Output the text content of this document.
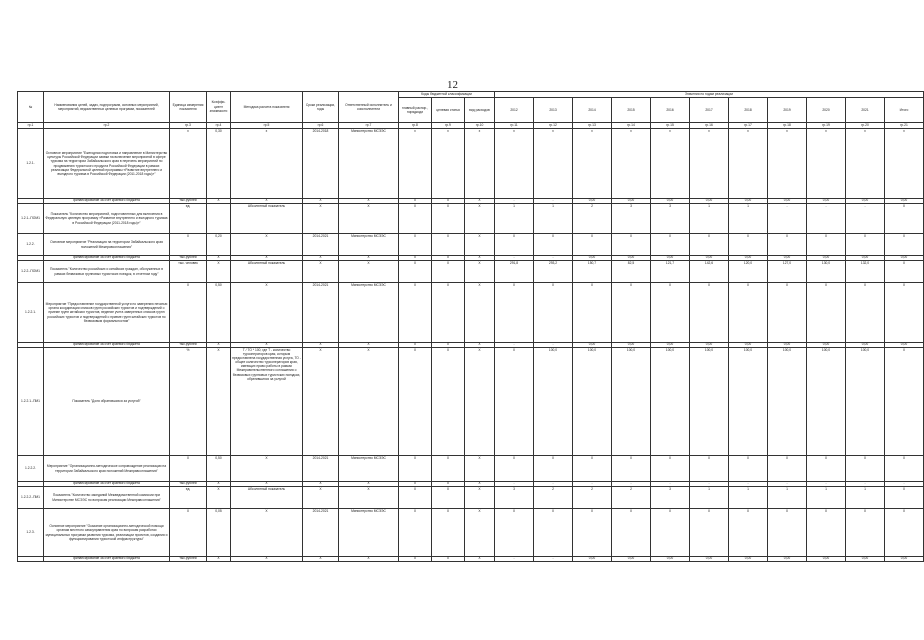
12
№	Наименования целей, задач, подпрограмм, основных мероприятий, мероприятий, ведомственных целевых программ, показателей	Единица измерения показателя	Коэффи-циент значимости	Методика расчета показателя	Сроки реализации, годы	Ответственный исполнитель и соисполнители	Коды бюджетной классификации			Значения по годам реализации										
							главный распор., порядкоди	целевая статья	вид расходов	2012	2013	2014	2015	2016	2017	2018	2019	2020	2021	Итого
гр.1	гр.2	гр.3	гр.4	гр.5	гр.6	гр.7	гр.8	гр.9	гр.10	гр.11	гр.12	гр.13	гр.14	гр.15	гр.16	гр.17	гр.18	гр.19	гр.20	гр.21
1.2.1.	Основное мероприятие "Ежегодная подготовка и направление в Министерство культуры Российской Федерации заявки на включение мероприятий в сфере туризма на территории Забайкальского края в перечень мероприятий по продвижению туристского продукта Российской Федерации в рамках реализации Федеральной целевой программы «Развитие внутреннего и въездного туризма в Российской Федерации (2011-2018 годы)»"	х	0,30	х	2014-2018	Министерство МСЭЭС	х	х	х	х	х	х	х	х	х	х	х	х	х	х
	финансирование за счет краевого бюджета	тыс.рублей	Х	Х	Х	Х	Х	Х	Х	-	-	0,00	0,00	0,00	0,00	0,00	0,00	0,00	0,00	0,00
1.2.1.-ПОМ1	Показатель "Количество мероприятий, подготовленных для включения в Федеральную целевую программу «Развитие внутреннего и въездного туризма в Российской Федерации (2011-2018 годы)»"	ед.		Абсолютный показатель	Х	Х	Х	Х	Х	1	1	2	3	3	1	1	-	-	-	Х
1.2.2.	Основное мероприятие "Реализация на территории Забайкальского края положений Межправсоглашения"	Х	0,20	Х	2014-2021	Министерство МСЭЭС	Х	Х	Х	Х	Х	Х	Х	Х	Х	Х	Х	Х	Х	Х
	финансирование за счет краевого бюджета	тыс.рублей	Х	Х	Х	Х	Х	Х	Х	-	-	0,00	0,00	0,00	0,00	0,00	0,00	0,00	0,00	0,00
1.2.2.-ПОМ1	Показатель "Количество российских и китайских граждан, обслуженных в рамках безвизовых групповых туристских поездок, в отчетном году"	тыс. человек	Х	Абсолютный показатель	Х	Х	Х	Х	Х	291,8	293,2	150,7	82,5	121,7	142,6	120,0	127,0	130,0	132,0	Х
1.2.2.1.	Мероприятие "Предоставление государственной услуги по заверению печатью органа координации списков групп российских туристов и подтверждений о приеме групп китайских туристов, ведение учета заверенных списков групп российских туристов и подтверждений о приеме групп китайских туристов по безвизовым формальностям"	Х	0,50	Х	2014-2021	Министерство МСЭЭС	Х	Х	Х	Х	Х	Х	Х	Х	Х	Х	Х	Х	Х	Х
	финансирование за счет краевого бюджета	тыс.рублей	Х	Х	Х	Х	Х	Х	Х	-	-	0,00	0,00	0,00	0,00	0,00	0,00	0,00	0,00	0,00
1.2.2.1.-ПМ1	Показатель "Доля обратившихся за услугой"	%	Х	Т / ТО * 100, где Т - количество турооператоров края, которым предоставлена государственная услуга, ТО - общее количество турооператоров края, имеющих право работы в рамках Межправительственного соглашения о безвизовых групповых туристских поездках, обратившихся за услугой	Х	Х	Х	Х	Х	Х	100,0	100,0	100,0	100,0	100,0	100,0	100,0	100,0	100,0	Х
1.2.2.2.	Мероприятие "Организационно-методическое сопровождение реализации на территории Забайкальского края положений Межправсоглашения"	Х	0,50	Х	2014-2021	Министерство МСЭЭС	Х	Х	Х	Х	Х	Х	Х	Х	Х	Х	Х	Х	Х	Х
	финансирование за счет краевого бюджета	тыс.рублей	Х	Х	Х	Х	Х	Х	Х	-	-	-	-	-	-	-	-	-	-	-
1.2.2.2.-ПМ1	Показатель "Количество заседаний Межведомственной комиссии при Министерстве МСЭЭС по вопросам реализации Межправсоглашения"	ед.	Х	Абсолютный показатель	Х	Х	Х	Х	Х	3	2	2	2	3	1	1	1	1	1	Х
1.2.3.	Основное мероприятие "Оказание организационно-методической помощи органам местного самоуправления края по вопросам разработки муниципальных программ развития туризма, реализации проектов, создания и функционирования туристской инфраструктуры"	Х	0,05	Х	2014-2021	Министерство МСЭЭС	Х	Х	Х	Х	Х	Х	Х	Х	Х	Х	Х	Х	Х	Х
	финансирование за счет краевого бюджета	тыс.рублей	Х	Х	Х	Х	Х	Х	Х	-	-	0,00	0,00	0,00	0,00	0,00	0,00	0,00	0,00	0,00
